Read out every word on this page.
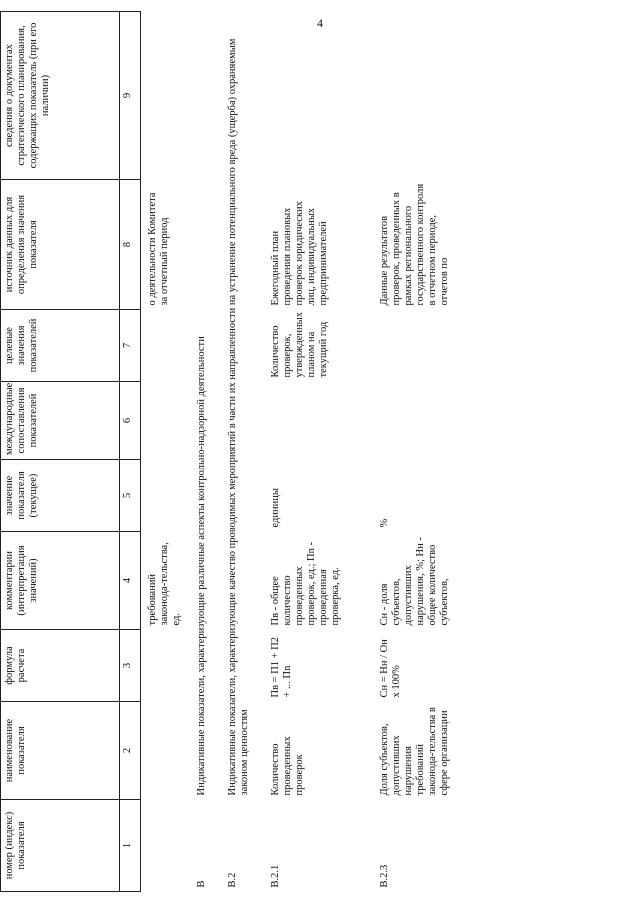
4
номер (индекс) показателя	наименование показателя	формула расчета	комментарии (интерпретация значений)	значение показателя (текущее)	международные сопоставления показателей	целевые значения показателей	источник данных для определения значения показателя	сведения о документах стратегического планирования, содержащих показатель (при его наличии)
1	2	3	4	5	6	7	8	9
			требований законода-тельства, ед.				о деятельности Комитета за отчетный период	
В	Индикативные показатели, характеризующие различные аспекты контрольно-надзорной деятельности							
В.2	Индикативные показатели, характеризующие качество проводимых мероприятий в части их направленности на устранение потенциального вреда (ущерба) охраняемым законом ценностям							
В.2.1	Количество проведенных проверок	Пв = П1 + П2 + ... Пn	Пв - общее количество проведенных проверок, ед.; Пn - проведенная проверка, ед.	единицы		Количество проверок, утвержденных планом на текущий год	Ежегодный план проведения плановых проверок юридических лиц, индивидуальных предпринимателей	
В.2.3	Доля субъектов, допустивших нарушения требований законода-тельства в сфере организации	Сн = Нн / Он х 100%	Сн - доля субъектов, допустивших нарушения, %; Нн - общее количество субъектов,	%			Данные результатов проверок, проведенных в рамках регионального государственного контроля в отчетном периоде, отчетов по	
